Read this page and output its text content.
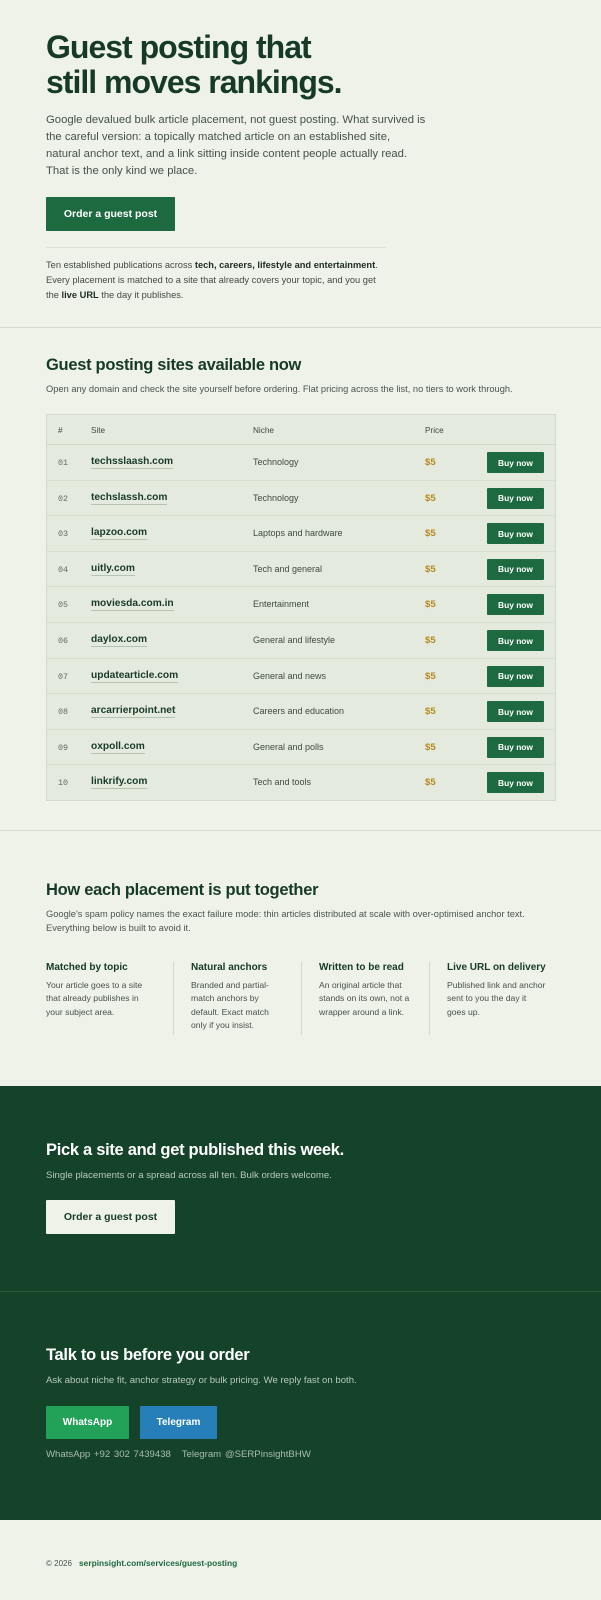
Guest posting that
still moves rankings.

Google devalued bulk article placement, not guest posting. What survived is the careful version: a topically matched article on an established site, natural anchor text, and a link sitting inside content people actually read. That is the only kind we place.

Order a guest post

Ten established publications across tech, careers, lifestyle and entertainment. Every placement is matched to a site that already covers your topic, and you get the live URL the day it publishes.

Guest posting sites available now

Open any domain and check the site yourself before ordering. Flat pricing across the list, no tiers to work through.

#	Site	Niche	Price
01 techsslaash.com	Technology	$5	Buy now
02 techslassh.com	Technology	$5	Buy now
03 lapzoo.com	Laptops and hardware	$5	Buy now
04 uitly.com	Tech and general	$5	Buy now
05 moviesda.com.in	Entertainment	$5	Buy now
06 daylox.com	General and lifestyle	$5	Buy now
07 updatearticle.com	General and news	$5	Buy now
08 arcarrierpoint.net	Careers and education	$5	Buy now
09 oxpoll.com	General and polls	$5	Buy now
10 linkrify.com	Tech and tools	$5	Buy now
How each placement is put together

Google's spam policy names the exact failure mode: thin articles distributed at scale with over-optimised anchor text. Everything below is built to avoid it.

Matched by topic
Your article goes to a site that already publishes in your subject area.
Natural anchors
Branded and partial-match anchors by default. Exact match only if you insist.
Written to be read
An original article that stands on its own, not a wrapper around a link.
Live URL on delivery
Published link and anchor sent to you the day it goes up.
Pick a site and get published this week.

Single placements or a spread across all ten. Bulk orders welcome.

Order a guest post
Talk to us before you order

Ask about niche fit, anchor strategy or bulk pricing. We reply fast on both.

WhatsApp	Telegram

WhatsApp +92 302 7439438   Telegram @SERPinsightBHW

© 2026 serpinsight.com/services/guest-posting
